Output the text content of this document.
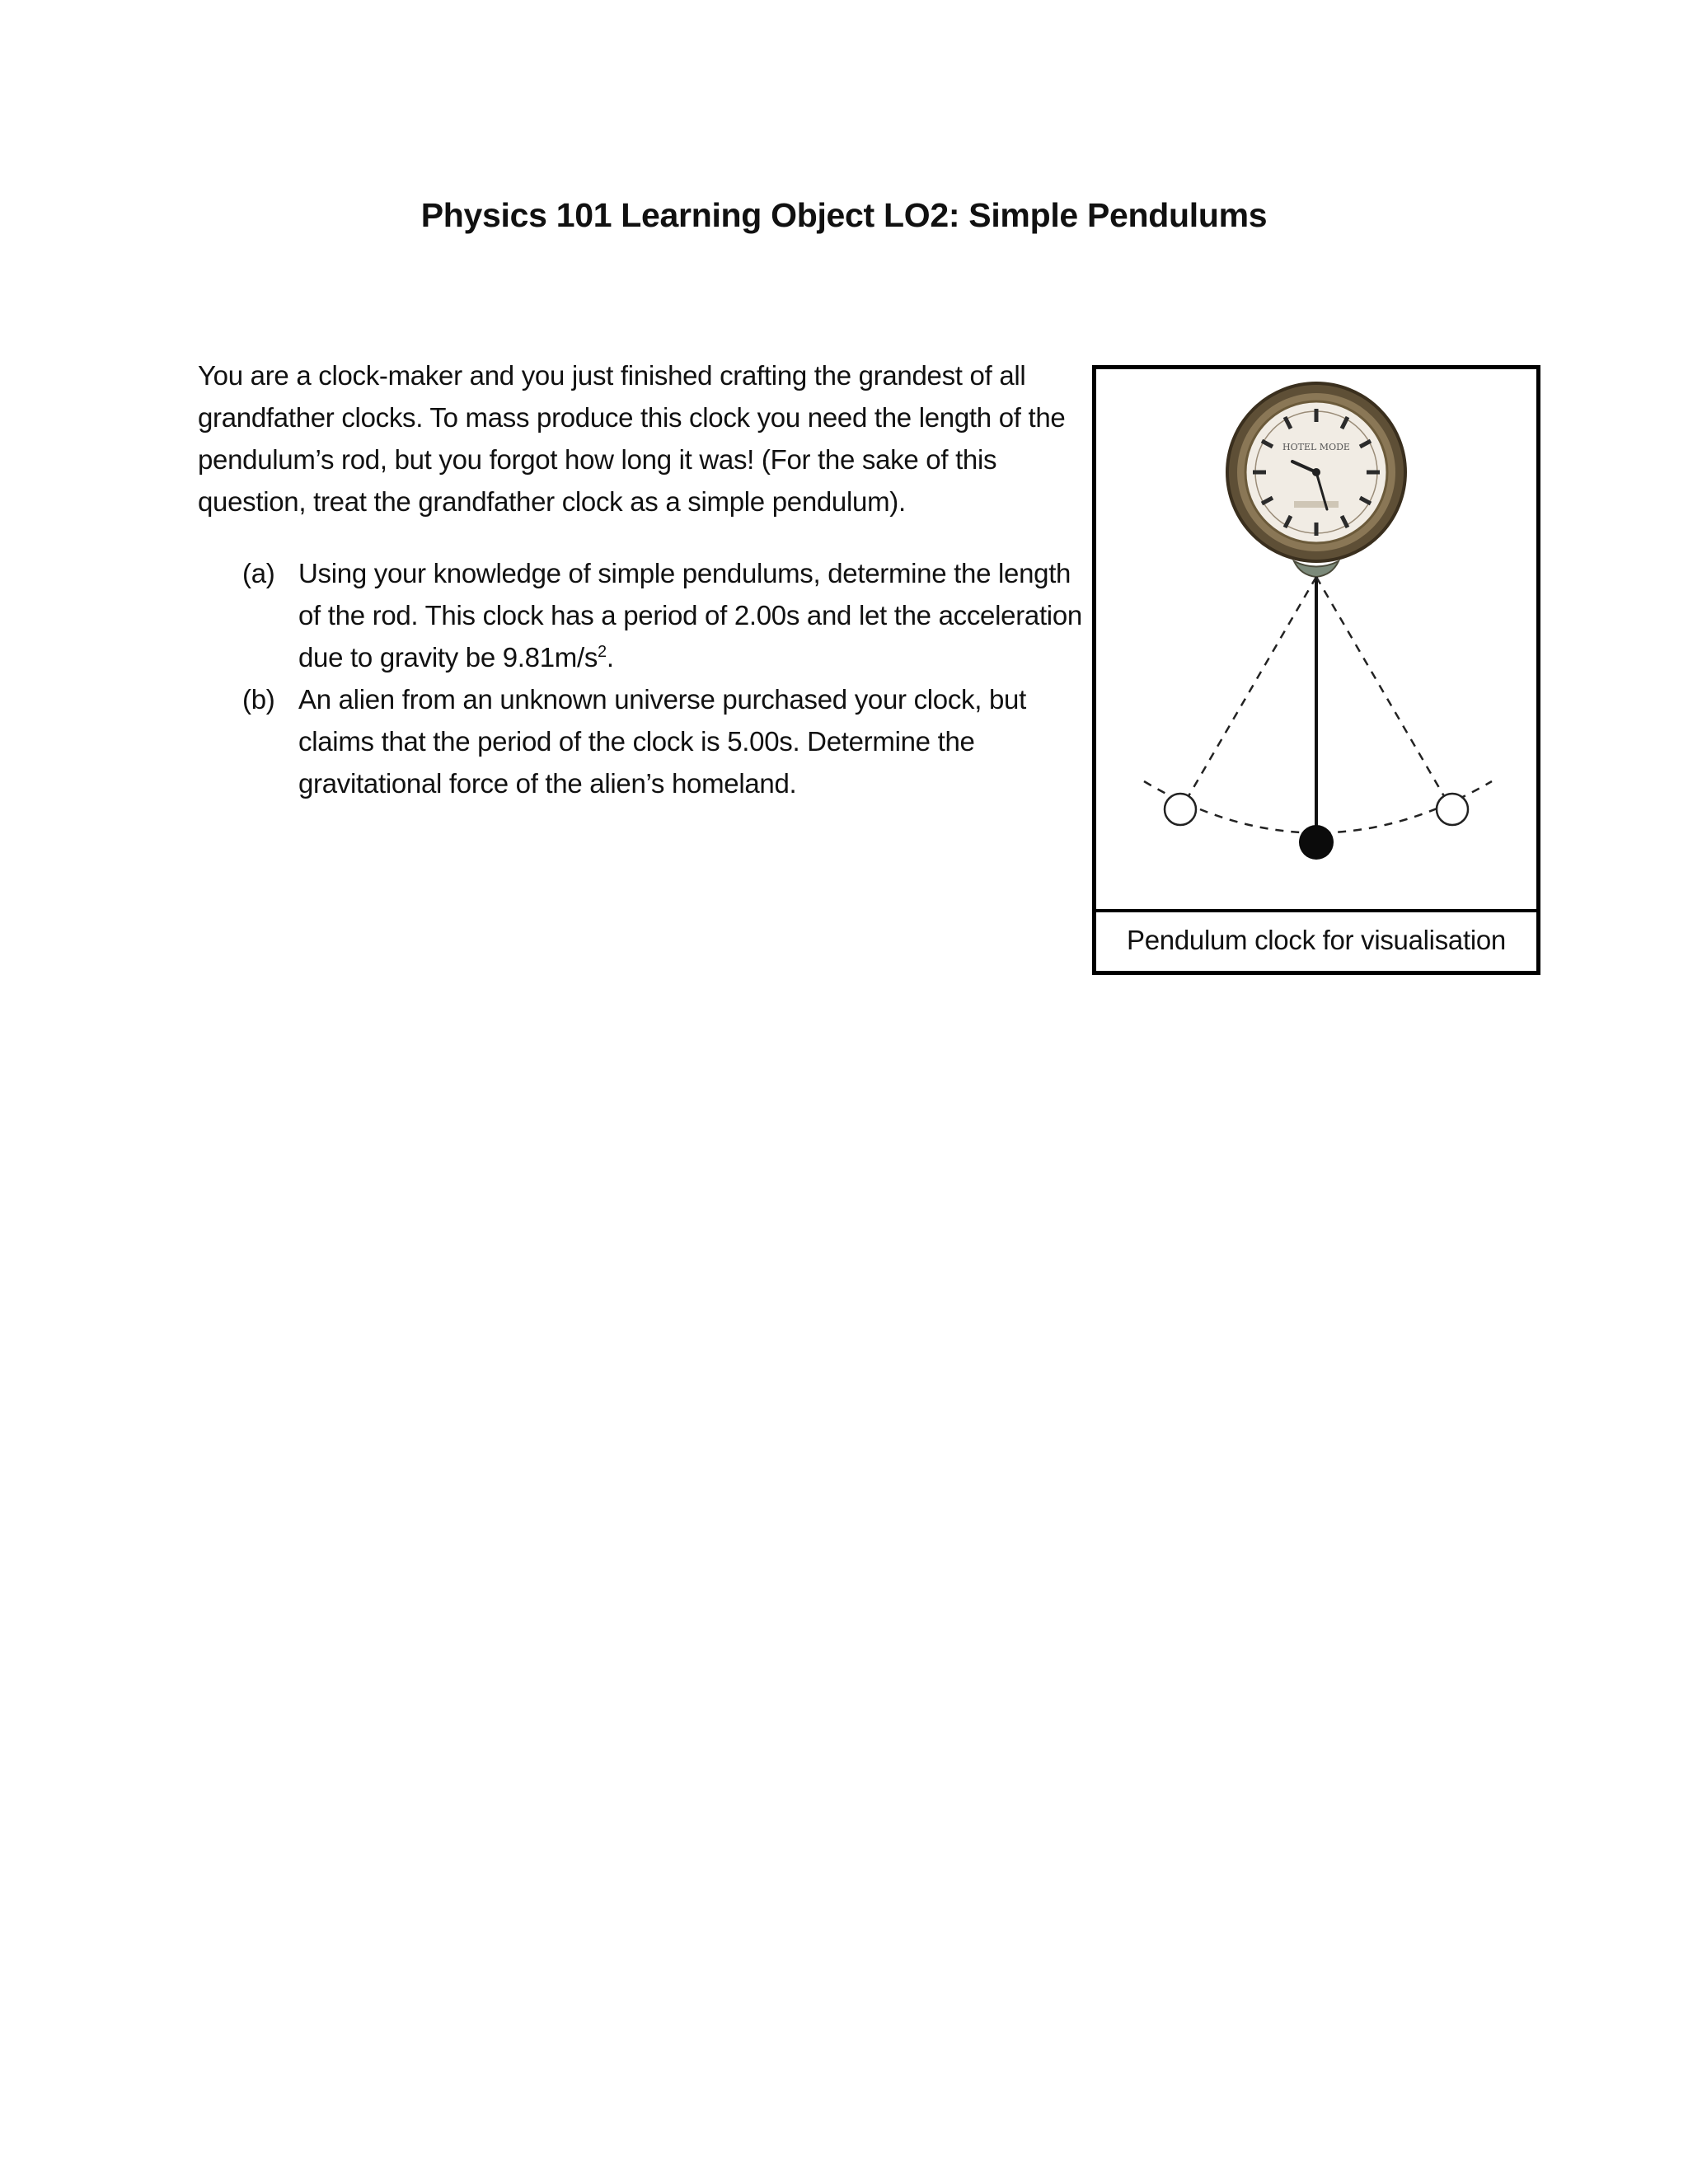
Physics 101 Learning Object LO2: Simple Pendulums

You are a clock-maker and you just finished crafting the grandest of all grandfather clocks. To mass produce this clock you need the length of the pendulum’s rod, but you forgot how long it was! (For the sake of this question, treat the grandfather clock as a simple pendulum).

(a) Using your knowledge of simple pendulums, determine the length of the rod. This clock has a period of 2.00s and let the acceleration due to gravity be $9.81m/s^2$.
(b) An alien from an unknown universe purchased your clock, but claims that the period of the clock is 5.00s. Determine the gravitational force of the alien’s homeland.
HOTEL MODE
Pendulum clock for visualisation
